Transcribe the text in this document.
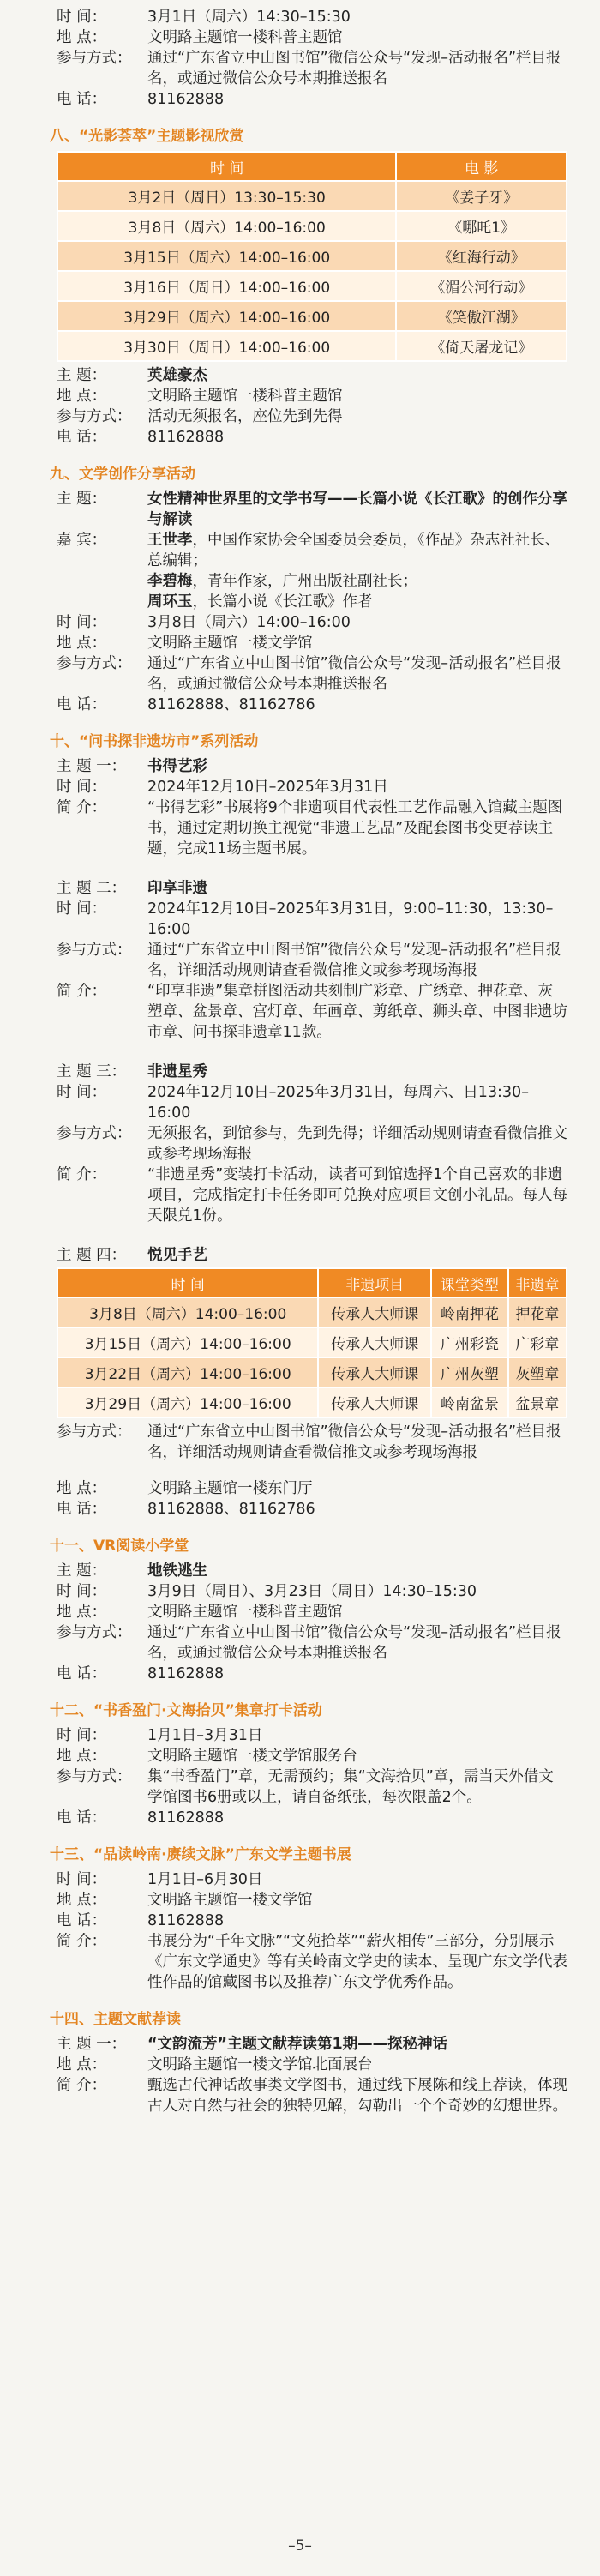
时 间：	3月1日（周六）14:30–15:30
地 点：	文明路主题馆一楼科普主题馆
参与方式：	通过“广东省立中山图书馆”微信公众号“发现–活动报名”栏目报名，或通过微信公众号本期推送报名
电 话：	81162888
八、“光影荟萃”主题影视欣赏
时 间	电 影
3月2日（周日）13:30–15:30	《姜子牙》
3月8日（周六）14:00–16:00	《哪吒1》
3月15日（周六）14:00–16:00	《红海行动》
3月16日（周日）14:00–16:00	《湄公河行动》
3月29日（周六）14:00–16:00	《笑傲江湖》
3月30日（周日）14:00–16:00	《倚天屠龙记》
主 题：	英雄豪杰
地 点：	文明路主题馆一楼科普主题馆
参与方式：	活动无须报名，座位先到先得
电 话：	81162888
九、文学创作分享活动
主 题：	女性精神世界里的文学书写——长篇小说《长江歌》的创作分享与解读
嘉 宾：	王世孝，中国作家协会全国委员会委员，《作品》杂志社社长、总编辑；
李碧梅，青年作家，广州出版社副社长；
周环玉，长篇小说《长江歌》作者
时 间：	3月8日（周六）14:00–16:00
地 点：	文明路主题馆一楼文学馆
参与方式：	通过“广东省立中山图书馆”微信公众号“发现–活动报名”栏目报名，或通过微信公众号本期推送报名
电 话：	81162888、81162786
十、“问书探非遗坊市”系列活动
主 题 一：	书得艺彩
时 间：	2024年12月10日–2025年3月31日
简 介：	“书得艺彩”书展将9个非遗项目代表性工艺作品融入馆藏主题图书，通过定期切换主视觉“非遗工艺品”及配套图书变更荐读主题，完成11场主题书展。
主 题 二：	印享非遗
时 间：	2024年12月10日–2025年3月31日，9:00–11:30，13:30–16:00
参与方式：	通过“广东省立中山图书馆”微信公众号“发现–活动报名”栏目报名，详细活动规则请查看微信推文或参考现场海报
简 介：	“印享非遗”集章拼图活动共刻制广彩章、广绣章、押花章、灰塑章、盆景章、宫灯章、年画章、剪纸章、狮头章、中图非遗坊市章、问书探非遗章11款。
主 题 三：	非遗星秀
时 间：	2024年12月10日–2025年3月31日，每周六、日13:30–16:00
参与方式：	无须报名，到馆参与，先到先得；详细活动规则请查看微信推文或参考现场海报
简 介：	“非遗星秀”变装打卡活动，读者可到馆选择1个自己喜欢的非遗项目，完成指定打卡任务即可兑换对应项目文创小礼品。每人每天限兑1份。
主 题 四：	悦见手艺
时 间	非遗项目	课堂类型	非遗章
3月8日（周六）14:00–16:00	传承人大师课	岭南押花	押花章
3月15日（周六）14:00–16:00	传承人大师课	广州彩瓷	广彩章
3月22日（周六）14:00–16:00	传承人大师课	广州灰塑	灰塑章
3月29日（周六）14:00–16:00	传承人大师课	岭南盆景	盆景章
参与方式：	通过“广东省立中山图书馆”微信公众号“发现–活动报名”栏目报名，详细活动规则请查看微信推文或参考现场海报
地 点：	文明路主题馆一楼东门厅
电 话：	81162888、81162786
十一、VR阅读小学堂
主 题：	地铁逃生
时 间：	3月9日（周日）、3月23日（周日）14:30–15:30
地 点：	文明路主题馆一楼科普主题馆
参与方式：	通过“广东省立中山图书馆”微信公众号“发现–活动报名”栏目报名，或通过微信公众号本期推送报名
电 话：	81162888
十二、“书香盈门·文海拾贝”集章打卡活动
时 间：	1月1日–3月31日
地 点：	文明路主题馆一楼文学馆服务台
参与方式：	集“书香盈门”章，无需预约；集“文海拾贝”章，需当天外借文学馆图书6册或以上，请自备纸张，每次限盖2个。
电 话：	81162888
十三、“品读岭南·赓续文脉”广东文学主题书展
时 间：	1月1日–6月30日
地 点：	文明路主题馆一楼文学馆
电 话：	81162888
简 介：	书展分为“千年文脉”“文苑拾萃”“薪火相传”三部分，分别展示《广东文学通史》等有关岭南文学史的读本、呈现广东文学代表性作品的馆藏图书以及推荐广东文学优秀作品。
十四、主题文献荐读
主 题 一：	“文韵流芳”主题文献荐读第1期——探秘神话
地 点：	文明路主题馆一楼文学馆北面展台
简 介：	甄选古代神话故事类文学图书，通过线下展陈和线上荐读，体现古人对自然与社会的独特见解，勾勒出一个个奇妙的幻想世界。
–5–
